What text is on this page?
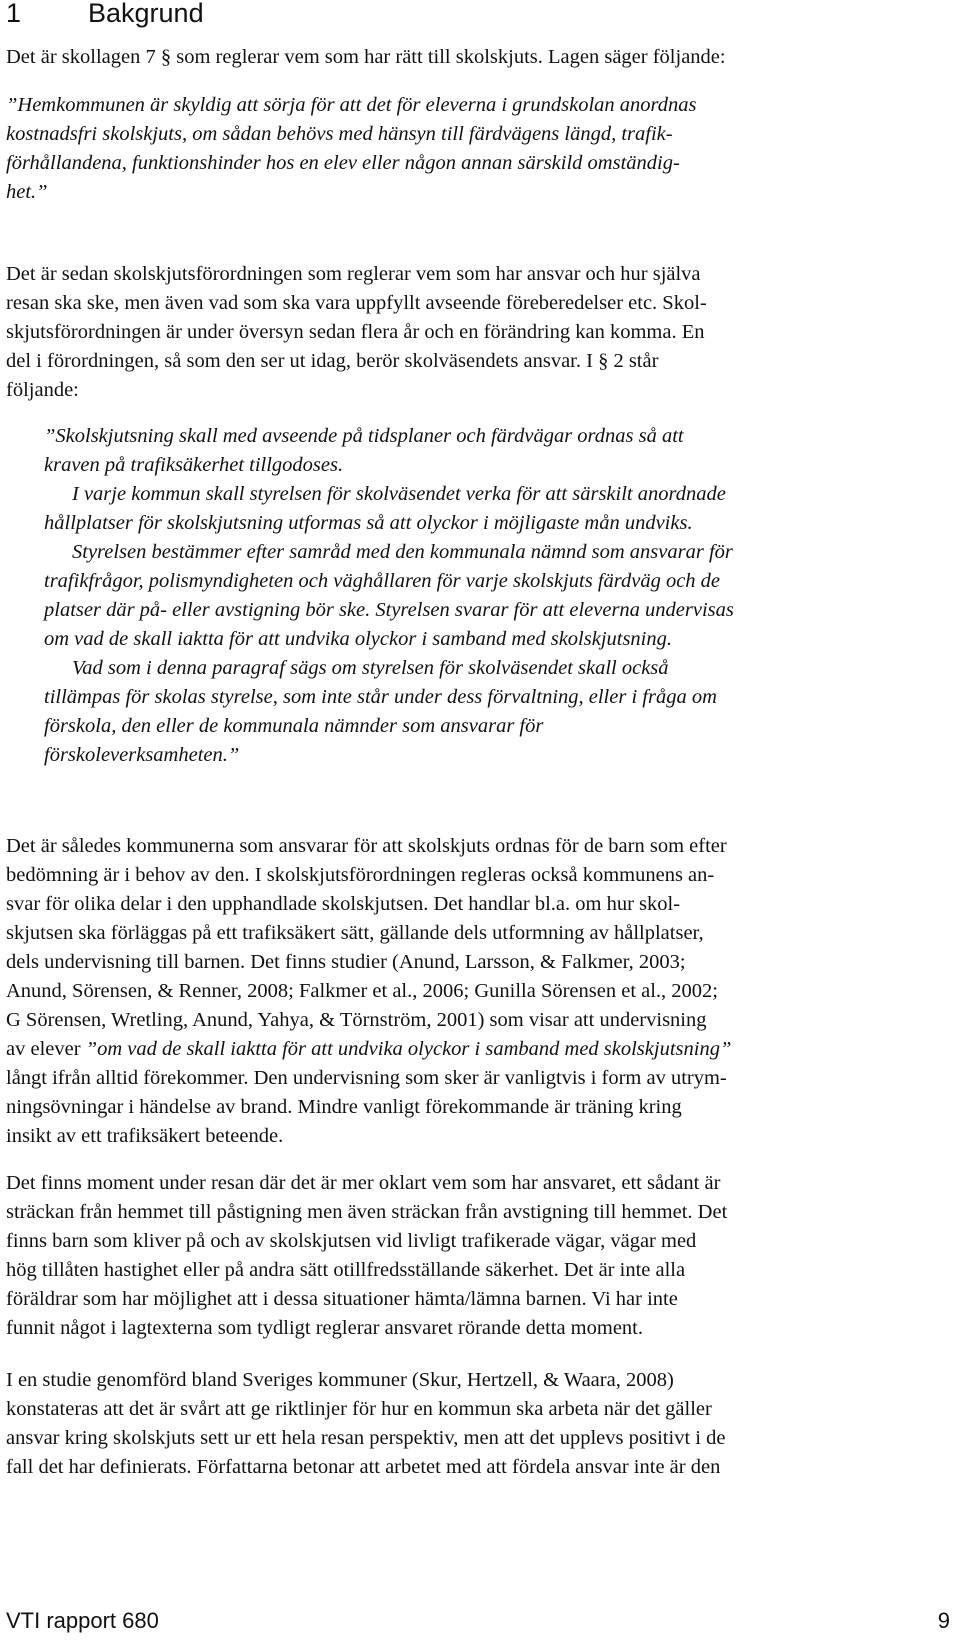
1 Bakgrund
Det är skollagen 7 § som reglerar vem som har rätt till skolskjuts. Lagen säger följande:
”Hemkommunen är skyldig att sörja för att det för eleverna i grundskolan anordnas
kostnadsfri skolskjuts, om sådan behövs med hänsyn till färdvägens längd, trafik-
förhållandena, funktionshinder hos en elev eller någon annan särskild omständig-
het.”
Det är sedan skolskjutsförordningen som reglerar vem som har ansvar och hur själva
resan ska ske, men även vad som ska vara uppfyllt avseende föreberedelser etc. Skol-
skjutsförordningen är under översyn sedan flera år och en förändring kan komma. En
del i förordningen, så som den ser ut idag, berör skolväsendets ansvar. I § 2 står
följande:
”Skolskjutsning skall med avseende på tidsplaner och färdvägar ordnas så att
kraven på trafiksäkerhet tillgodoses.
I varje kommun skall styrelsen för skolväsendet verka för att särskilt anordnade
hållplatser för skolskjutsning utformas så att olyckor i möjligaste mån undviks.
Styrelsen bestämmer efter samråd med den kommunala nämnd som ansvarar för
trafikfrågor, polismyndigheten och väghållaren för varje skolskjuts färdväg och de
platser där på- eller avstigning bör ske. Styrelsen svarar för att eleverna undervisas
om vad de skall iaktta för att undvika olyckor i samband med skolskjutsning.
Vad som i denna paragraf sägs om styrelsen för skolväsendet skall också
tillämpas för skolas styrelse, som inte står under dess förvaltning, eller i fråga om
förskola, den eller de kommunala nämnder som ansvarar för
förskoleverksamheten.”
Det är således kommunerna som ansvarar för att skolskjuts ordnas för de barn som efter
bedömning är i behov av den. I skolskjutsförordningen regleras också kommunens an-
svar för olika delar i den upphandlade skolskjutsen. Det handlar bl.a. om hur skol-
skjutsen ska förläggas på ett trafiksäkert sätt, gällande dels utformning av hållplatser,
dels undervisning till barnen. Det finns studier (Anund, Larsson, & Falkmer, 2003;
Anund, Sörensen, & Renner, 2008; Falkmer et al., 2006; Gunilla Sörensen et al., 2002;
G Sörensen, Wretling, Anund, Yahya, & Törnström, 2001) som visar att undervisning
av elever ”om vad de skall iaktta för att undvika olyckor i samband med skolskjutsning”
långt ifrån alltid förekommer. Den undervisning som sker är vanligtvis i form av utrym-
ningsövningar i händelse av brand. Mindre vanligt förekommande är träning kring
insikt av ett trafiksäkert beteende.
Det finns moment under resan där det är mer oklart vem som har ansvaret, ett sådant är
sträckan från hemmet till påstigning men även sträckan från avstigning till hemmet. Det
finns barn som kliver på och av skolskjutsen vid livligt trafikerade vägar, vägar med
hög tillåten hastighet eller på andra sätt otillfredsställande säkerhet. Det är inte alla
föräldrar som har möjlighet att i dessa situationer hämta/lämna barnen. Vi har inte
funnit något i lagtexterna som tydligt reglerar ansvaret rörande detta moment.
I en studie genomförd bland Sveriges kommuner (Skur, Hertzell, & Waara, 2008)
konstateras att det är svårt att ge riktlinjer för hur en kommun ska arbeta när det gäller
ansvar kring skolskjuts sett ur ett hela resan perspektiv, men att det upplevs positivt i de
fall det har definierats. Författarna betonar att arbetet med att fördela ansvar inte är den
VTI rapport 680	9
